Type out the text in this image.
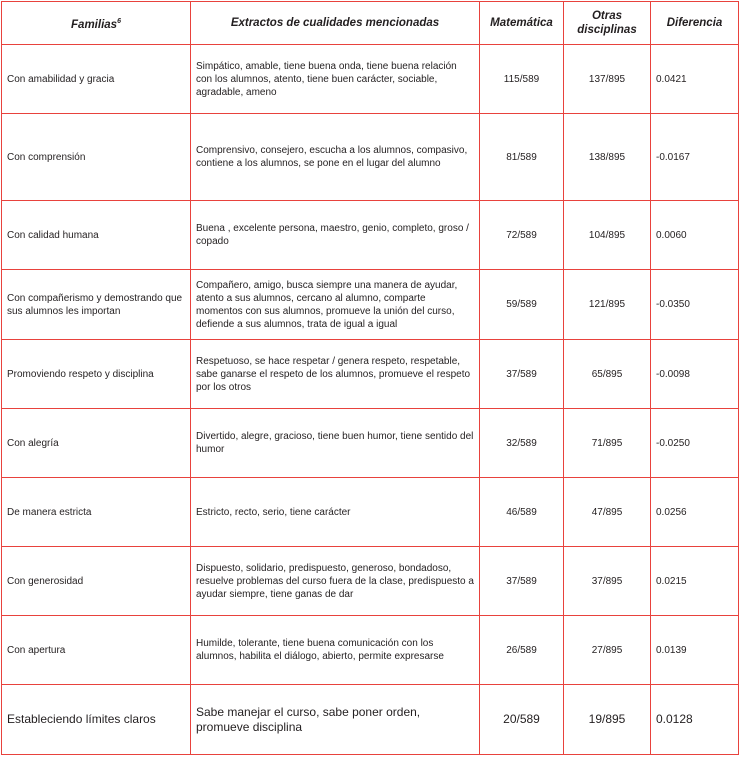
Familias$^6$	Extractos de cualidades mencionadas	Matemática	Otras disciplinas	Diferencia
Con amabilidad y gracia	Simpático, amable, tiene buena onda, tiene buena relación con los alumnos, atento, tiene buen carácter, sociable, agradable, ameno	115/589	137/895	0.0421
Con comprensión	Comprensivo, consejero, escucha a los alumnos, compasivo, contiene a los alumnos, se pone en el lugar del alumno	81/589	138/895	-0.0167
Con calidad humana	Buena , excelente persona, maestro, genio, completo, groso / copado	72/589	104/895	0.0060
Con compañerismo y demostrando que sus alumnos les importan	Compañero, amigo, busca siempre una manera de ayudar, atento a sus alumnos, cercano al alumno, comparte momentos con sus alumnos, promueve la unión del curso, defiende a sus alumnos, trata de igual a igual	59/589	121/895	-0.0350
Promoviendo respeto y disciplina	Respetuoso, se hace respetar / genera respeto, respetable, sabe ganarse el respeto de los alumnos, promueve el respeto por los otros	37/589	65/895	-0.0098
Con alegría	Divertido, alegre, gracioso, tiene buen humor, tiene sentido del humor	32/589	71/895	-0.0250
De manera estricta	Estricto, recto, serio, tiene carácter	46/589	47/895	0.0256
Con generosidad	Dispuesto, solidario, predispuesto, generoso, bondadoso, resuelve problemas del curso fuera de la clase, predispuesto a ayudar siempre, tiene ganas de dar	37/589	37/895	0.0215
Con apertura	Humilde, tolerante, tiene buena comunicación con los alumnos, habilita el diálogo, abierto, permite expresarse	26/589	27/895	0.0139
Estableciendo límites claros	Sabe manejar el curso, sabe poner orden, promueve disciplina	20/589	19/895	0.0128
